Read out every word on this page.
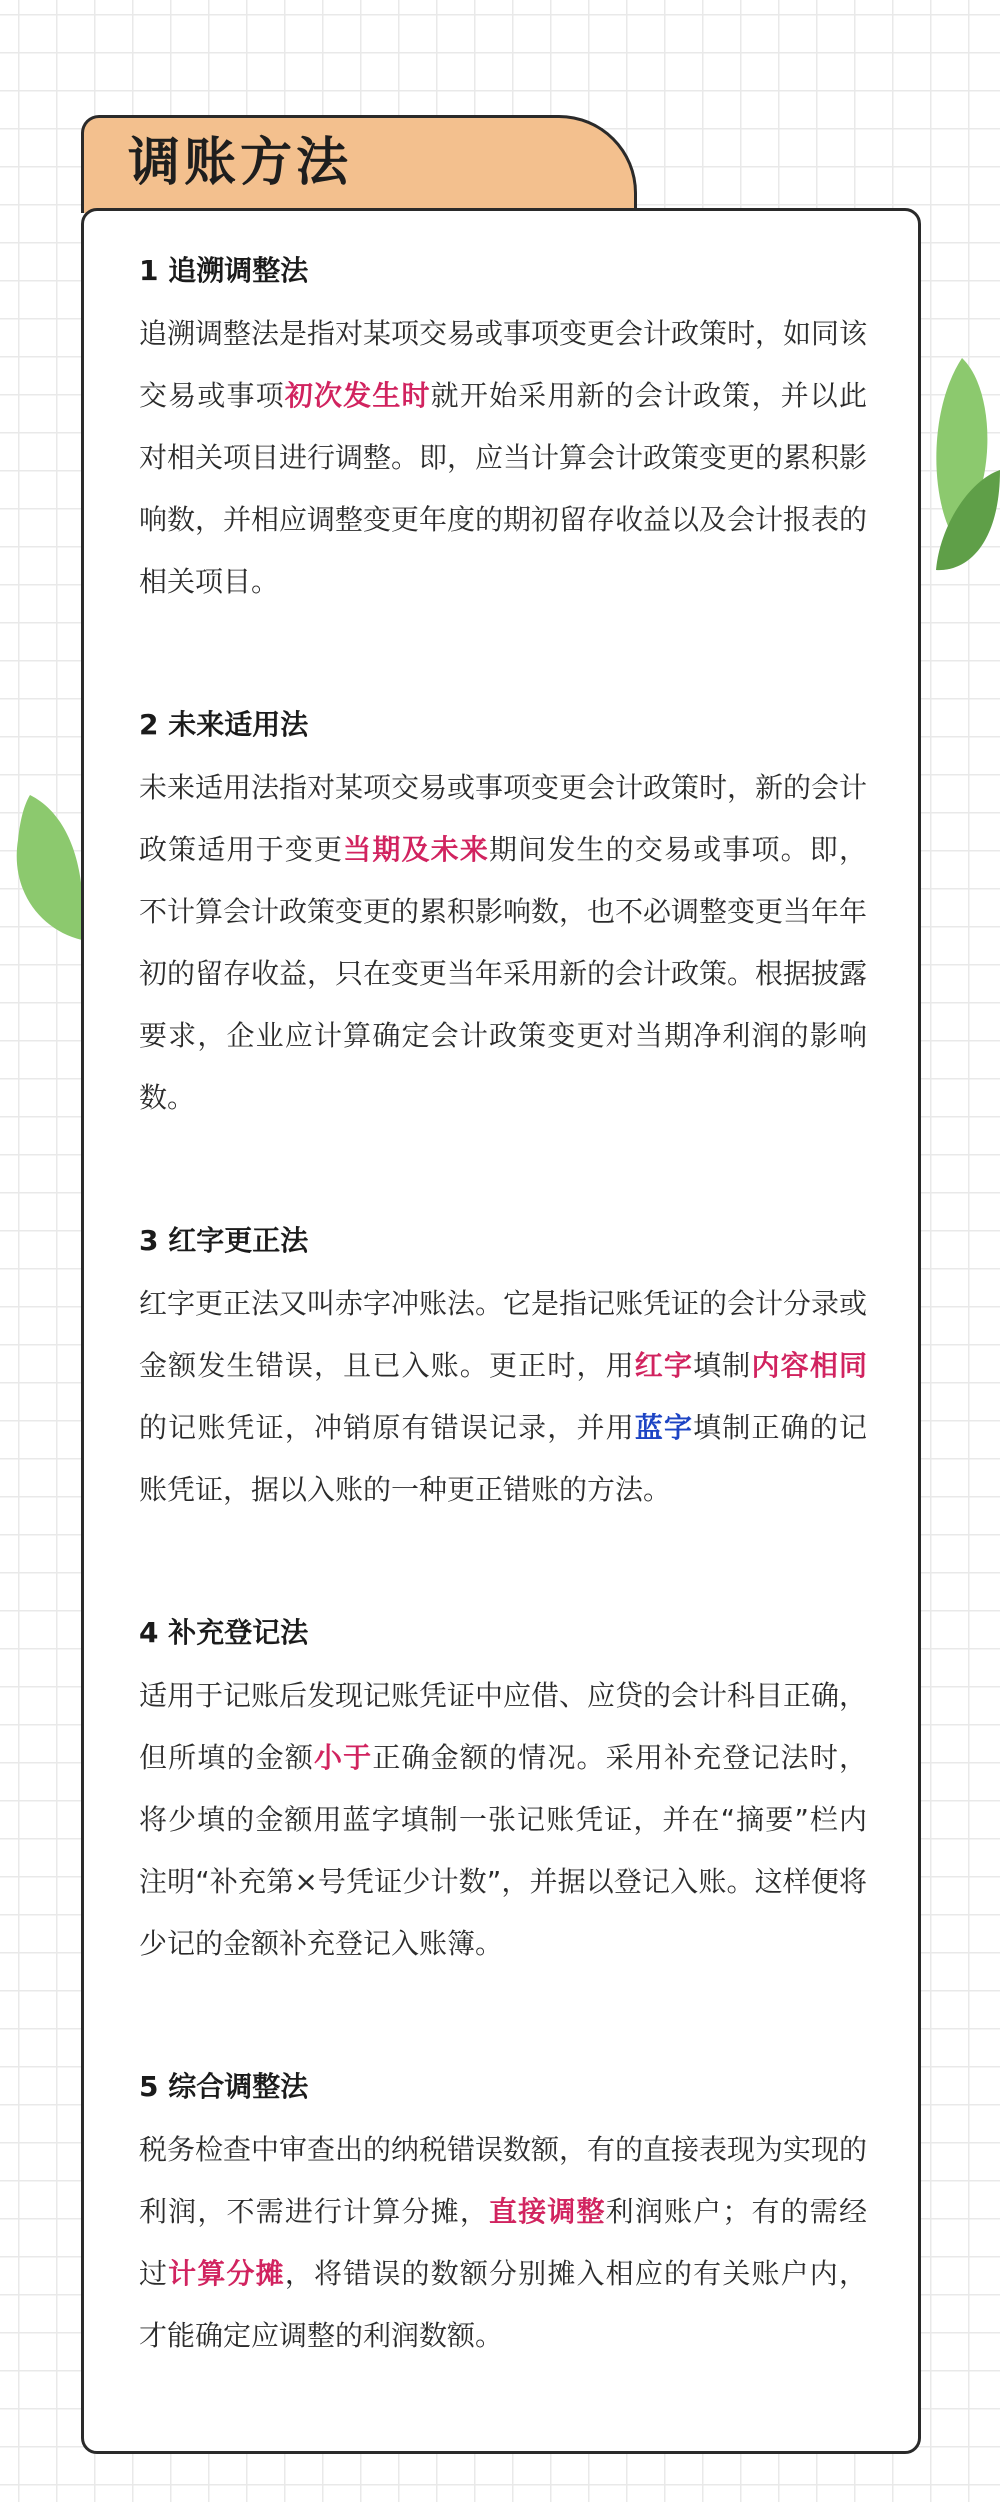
调账方法
1 追溯调整法

追溯调整法是指对某项交易或事项变更会计政策时，如同该交易或事项初次发生时就开始采用新的会计政策，并以此对相关项目进行调整。即，应当计算会计政策变更的累积影响数，并相应调整变更年度的期初留存收益以及会计报表的相关项目。

2 未来适用法

未来适用法指对某项交易或事项变更会计政策时，新的会计政策适用于变更当期及未来期间发生的交易或事项。即，不计算会计政策变更的累积影响数，也不必调整变更当年年初的留存收益，只在变更当年采用新的会计政策。根据披露要求，企业应计算确定会计政策变更对当期净利润的影响数。

3 红字更正法

红字更正法又叫赤字冲账法。它是指记账凭证的会计分录或金额发生错误，且已入账。更正时，用红字填制内容相同的记账凭证，冲销原有错误记录，并用蓝字填制正确的记账凭证，据以入账的一种更正错账的方法。

4 补充登记法

适用于记账后发现记账凭证中应借、应贷的会计科目正确，但所填的金额小于正确金额的情况。采用补充登记法时，将少填的金额用蓝字填制一张记账凭证，并在“摘要”栏内注明“补充第×号凭证少计数”，并据以登记入账。这样便将少记的金额补充登记入账簿。

5 综合调整法

税务检查中审查出的纳税错误数额，有的直接表现为实现的利润，不需进行计算分摊，直接调整利润账户；有的需经过计算分摊，将错误的数额分别摊入相应的有关账户内，才能确定应调整的利润数额。
